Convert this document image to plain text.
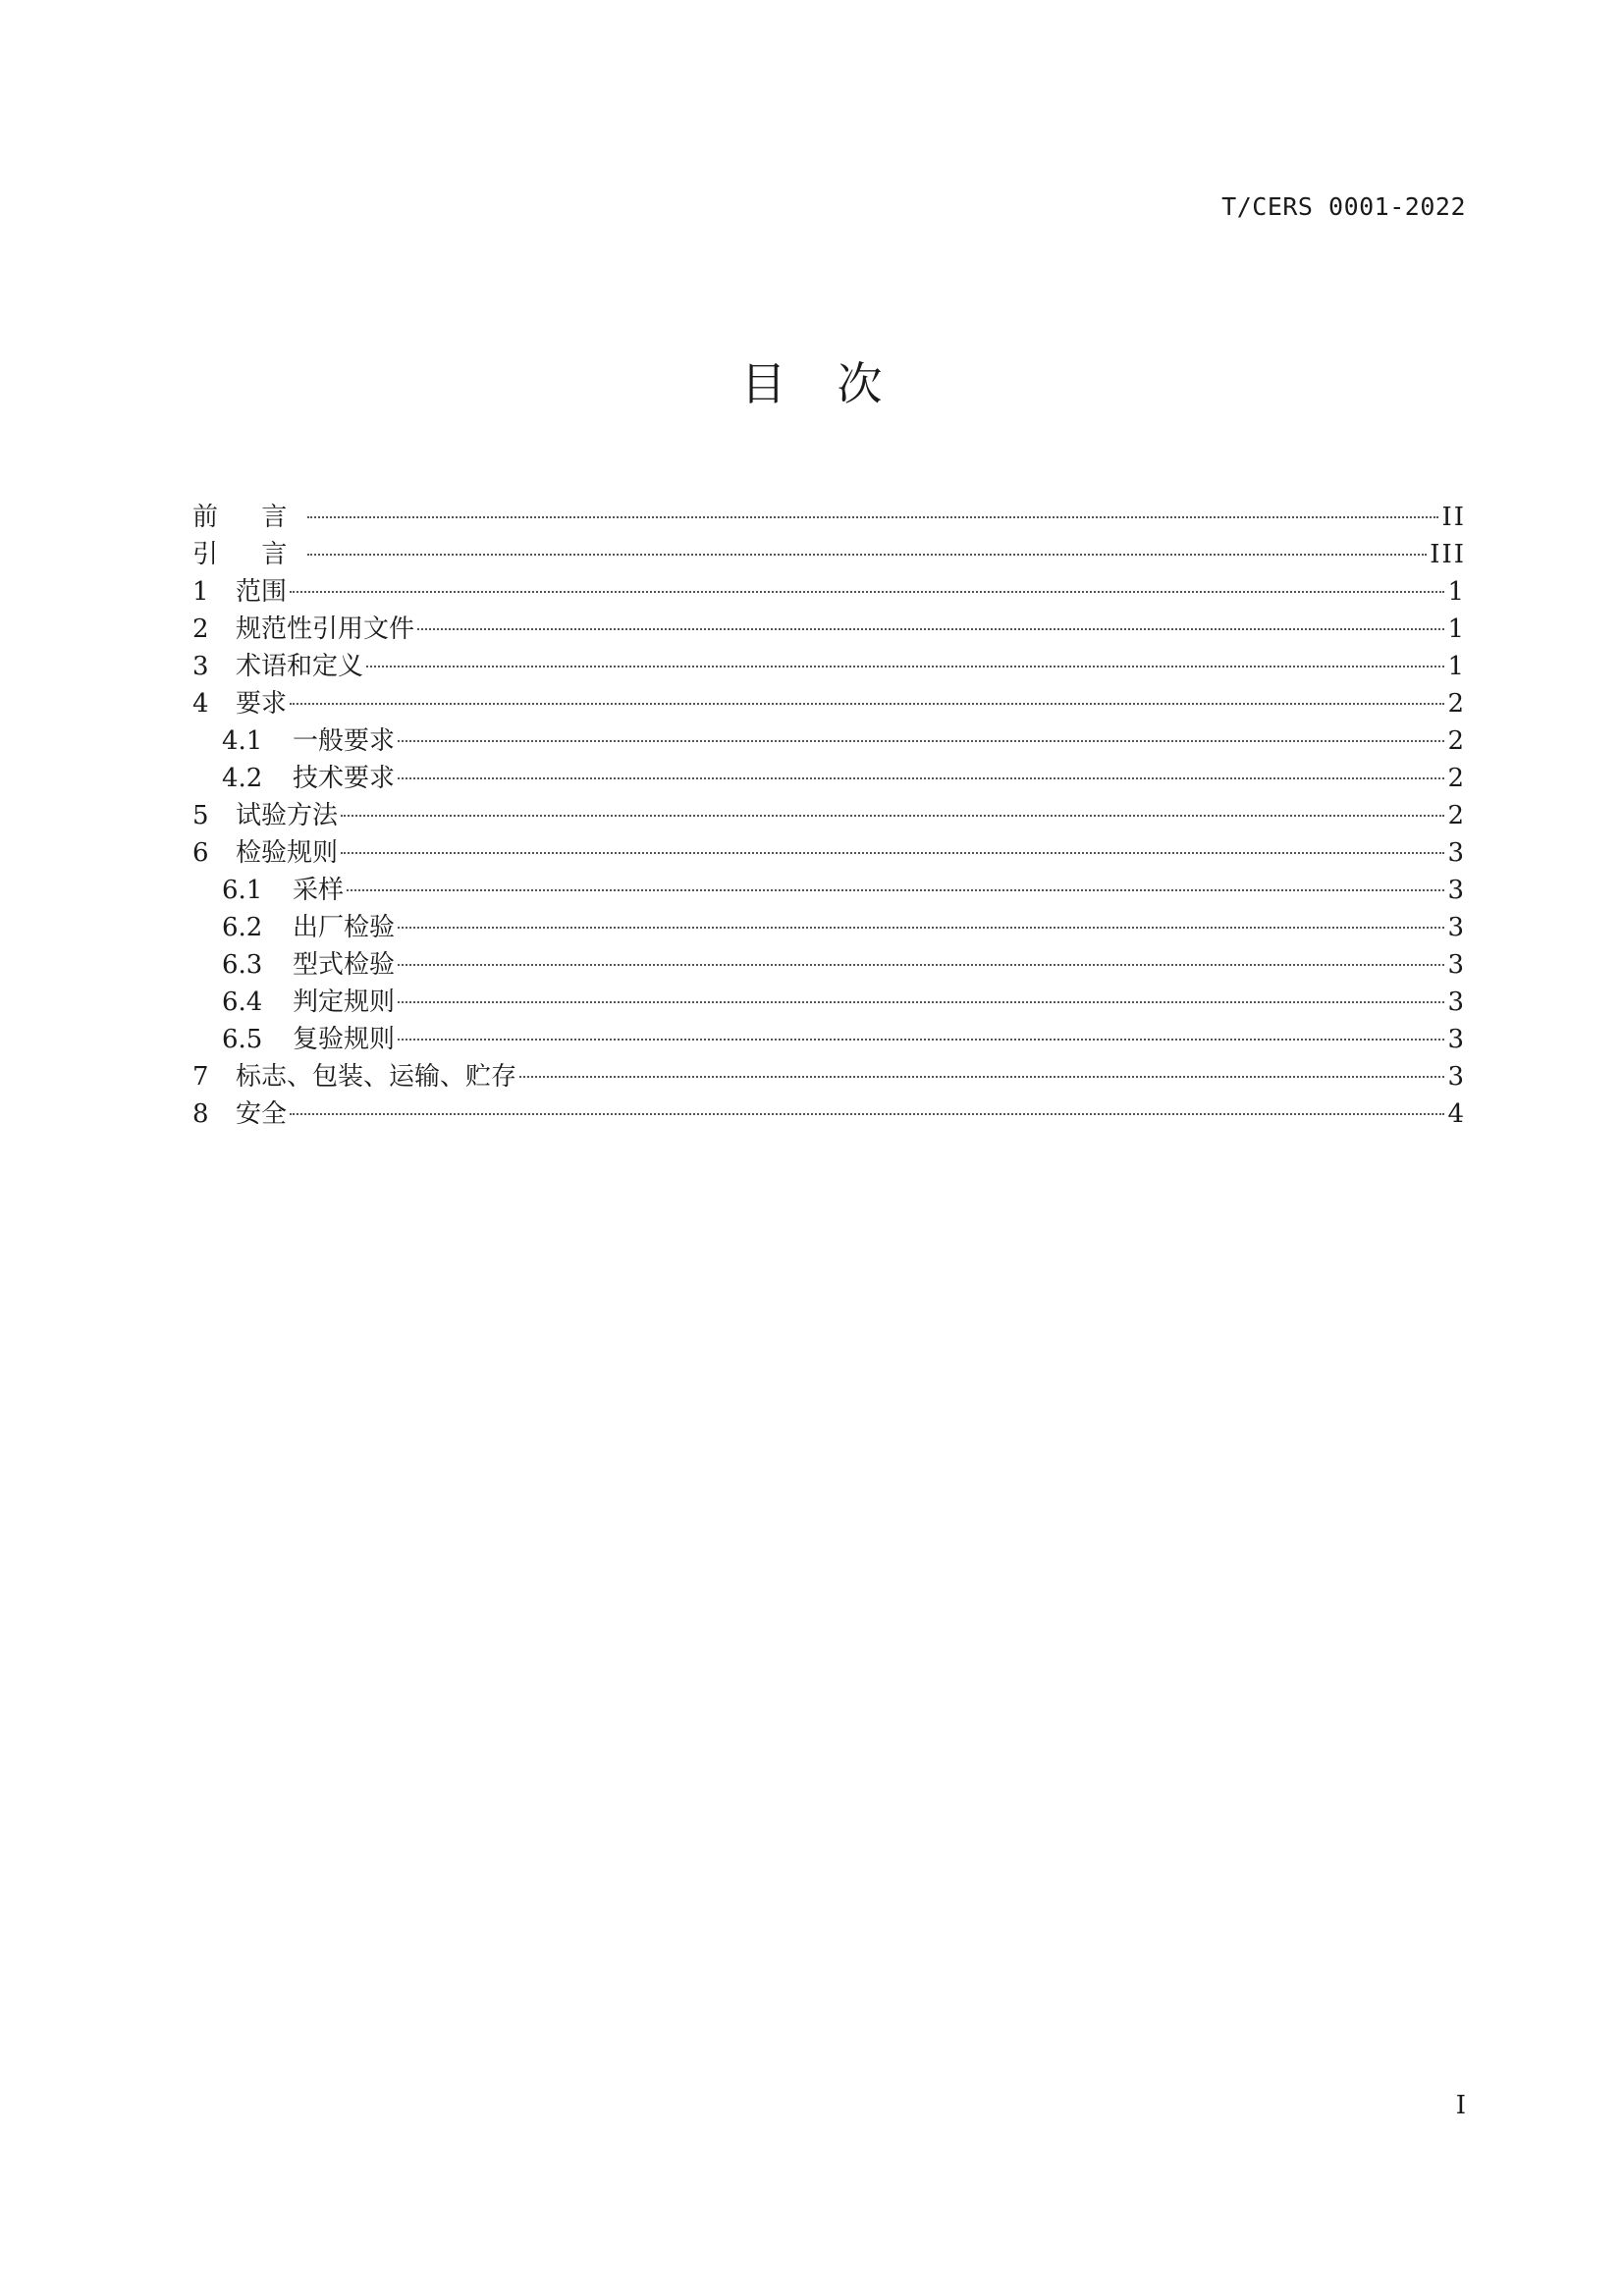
T/CERS 0001-2022
目次
前 言	II
引 言	III
1	范围	1
2	规范性引用文件	1
3	术语和定义	1
4	要求	2
4.1	一般要求	2
4.2	技术要求	2
5	试验方法	2
6	检验规则	3
6.1	采样	3
6.2	出厂检验	3
6.3	型式检验	3
6.4	判定规则	3
6.5	复验规则	3
7	标志、包装、运输、贮存	3
8	安全	4
I
